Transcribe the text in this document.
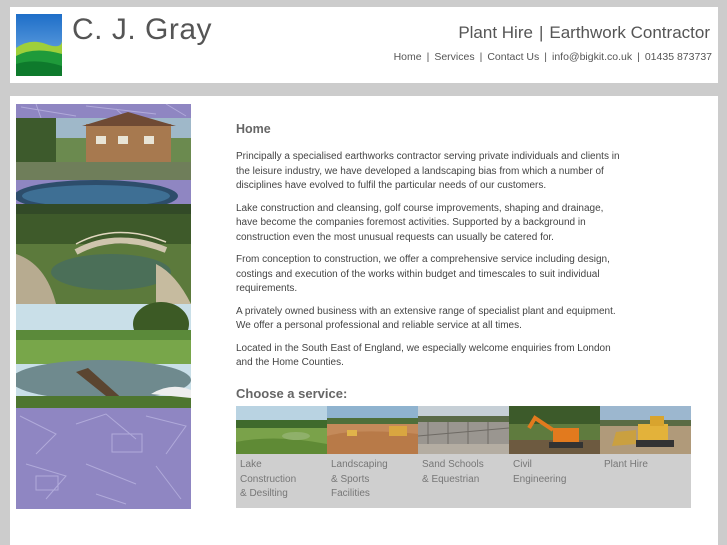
C. J. Gray	Plant Hire | Earthwork Contractor
Home | Services | Contact Us | info@bigkit.co.uk | 01435 873737
Home

Principally a specialised earthworks contractor serving private individuals and clients in the leisure industry, we have developed a landscaping bias from which a number of disciplines have evolved to fulfil the particular needs of our customers.

Lake construction and cleansing, golf course improvements, shaping and drainage, have become the companies foremost activities. Supported by a background in construction even the most unusual requests can usually be catered for.

From conception to construction, we offer a comprehensive service including design, costings and execution of the works within budget and timescales to suit individual requirements.

A privately owned business with an extensive range of specialist plant and equipment. We offer a personal professional and reliable service at all times.

Located in the South East of England, we especially welcome enquiries from London and the Home Counties.

Choose a service:
Lake
Construction
& Desilting
Landscaping
& Sports
Facilities
Sand Schools
& Equestrian
Civil
Engineering
Plant Hire
